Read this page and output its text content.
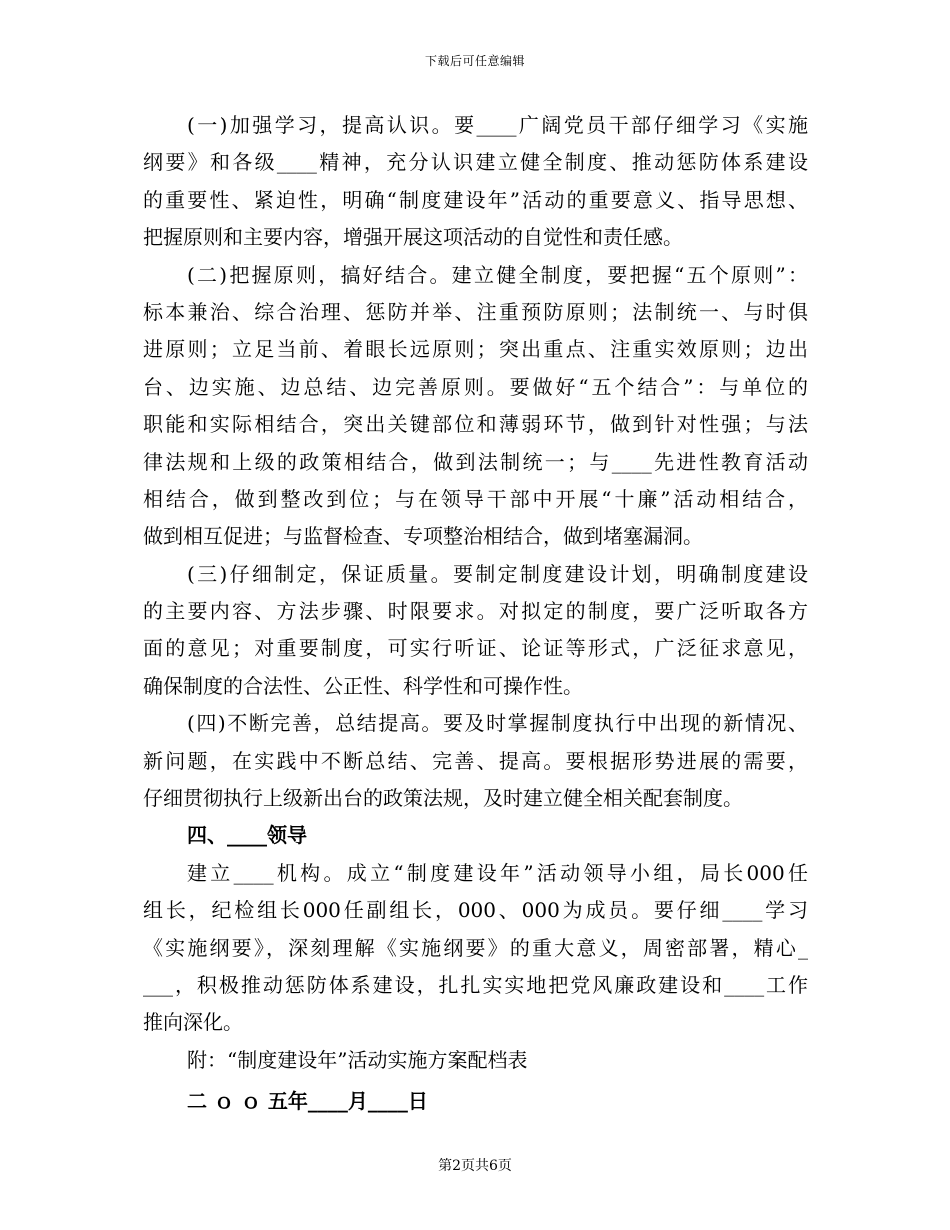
下载后可任意编辑
(一)加强学习，提高认识。要____广阔党员干部仔细学习《实施
纲要》和各级____精神，充分认识建立健全制度、推动惩防体系建设
的重要性、紧迫性，明确“制度建设年”活动的重要意义、指导思想、
把握原则和主要内容，增强开展这项活动的自觉性和责任感。
(二)把握原则，搞好结合。建立健全制度，要把握“五个原则”：
标本兼治、综合治理、惩防并举、注重预防原则；法制统一、与时俱
进原则；立足当前、着眼长远原则；突出重点、注重实效原则；边出
台、边实施、边总结、边完善原则。要做好“五个结合”：与单位的
职能和实际相结合，突出关键部位和薄弱环节，做到针对性强；与法
律法规和上级的政策相结合，做到法制统一；与____先进性教育活动
相结合，做到整改到位；与在领导干部中开展“十廉”活动相结合，
做到相互促进；与监督检查、专项整治相结合，做到堵塞漏洞。
(三)仔细制定，保证质量。要制定制度建设计划，明确制度建设
的主要内容、方法步骤、时限要求。对拟定的制度，要广泛听取各方
面的意见；对重要制度，可实行听证、论证等形式，广泛征求意见，
确保制度的合法性、公正性、科学性和可操作性。
(四)不断完善，总结提高。要及时掌握制度执行中出现的新情况、
新问题，在实践中不断总结、完善、提高。要根据形势进展的需要，
仔细贯彻执行上级新出台的政策法规，及时建立健全相关配套制度。
四、____领导
建立____机构。成立“制度建设年”活动领导小组，局长000任
组长，纪检组长000任副组长，000、000为成员。要仔细____学习
《实施纲要》，深刻理解《实施纲要》的重大意义，周密部署，精心_
___，积极推动惩防体系建设，扎扎实实地把党风廉政建设和____工作
推向深化。
附：“制度建设年”活动实施方案配档表
二 ｏ ｏ 五年____月____日
第2页共6页
